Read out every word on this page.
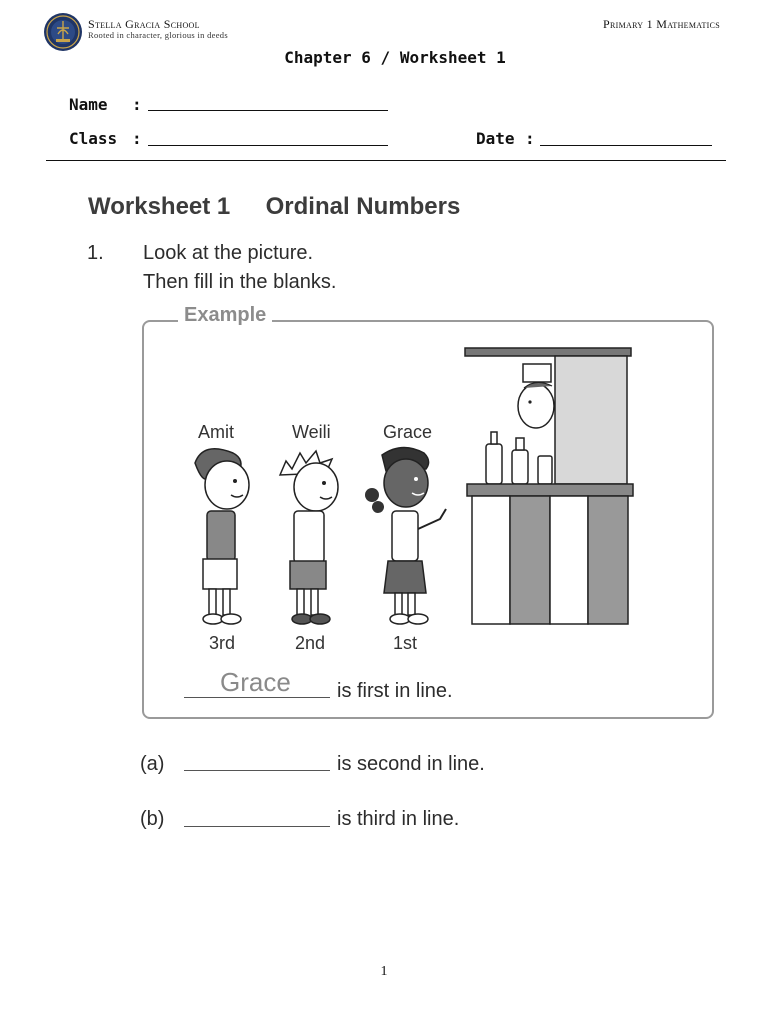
Stella Gracia School
Rooted in character, glorious in deeds
Primary 1 Mathematics
Chapter 6 / Worksheet 1
Name :
Class :	Date :
Worksheet 1 Ordinal Numbers
1. Look at the picture.
Then fill in the blanks.
Example
Amit	Weili	Grace
3rd	2nd	1st
Grace is first in line.
(a)	is second in line.
(b)	is third in line.
1
